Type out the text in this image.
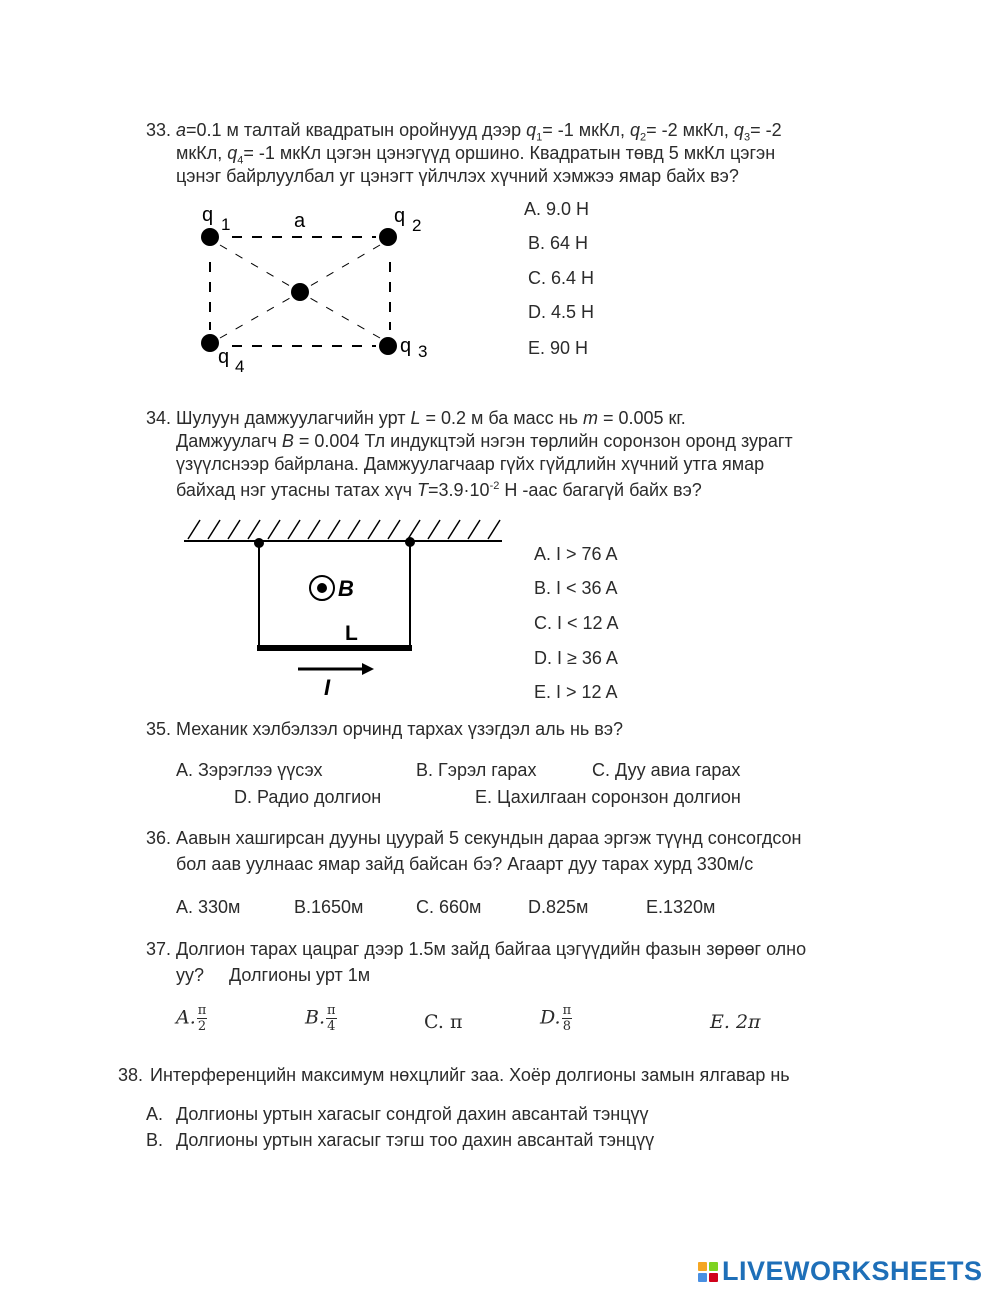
33. a=0.1 м талтай квадратын оройнууд дээр $q_1= -1$ мкКл, $q_2= -2$ мкКл, $q_3= -2$
мкКл, $q_4= -1$ мкКл цэгэн цэнэгүүд оршино. Квадратын төвд 5 мкКл цэгэн
цэнэг байрлуулбал уг цэнэгт үйлчлэх хүчний хэмжээ ямар байх вэ?
q 1	a	q 2
q 3
q 4
A. 9.0 H
B. 64 H
C. 6.4 H
D. 4.5 H
E. 90 H
34. Шулуун дамжуулагчийн урт L = 0.2 м ба масс нь m = 0.005 кг.
Дамжуулагч B = 0.004 Тл индукцтэй нэгэн төрлийн соронзон оронд зурагт
үзүүлснээр байрлана. Дамжуулагчаар гүйх гүйдлийн хүчний утга ямар
байхад нэг утасны татах хүч $T=3.9\cdot 10^{-2}$ Н -аас багагүй байх вэ?
B
L
I
A. I > 76 A
B. I < 36 A
C. I < 12 A
D. I ≥ 36 A
E. I > 12 A
35. Механик хэлбэлзэл орчинд тархах үзэгдэл аль нь вэ?
A. Зэрэглээ үүсэх	B. Гэрэл гарах	C. Дуу авиа гарах
D. Радио долгион	E. Цахилгаан соронзон долгион
36. Аавын хашгирсан дууны цуурай 5 секундын дараа эргэж түүнд сонсогдсон
бол аав уулнаас ямар зайд байсан бэ? Агаарт дуу тарах хурд 330м/с
A. 330м	B.1650м	C. 660м	D.825м	E.1320м
37. Долгион тарах цацраг дээр 1.5м зайд байгаа цэгүүдийн фазын зөрөөг олно
уу?     Долгионы урт 1м
A. $\frac{\pi}{2}$	B. $\frac{\pi}{4}$	C. π	D. $\frac{\pi}{8}$	E. 2π
38. Интерференцийн максимум нөхцлийг заа. Хоёр долгионы замын ялгавар нь
A. Долгионы уртын хагасыг сондгой дахин авсантай тэнцүү
B. Долгионы уртын хагасыг тэгш тоо дахин авсантай тэнцүү
LIVEWORKSHEETS
